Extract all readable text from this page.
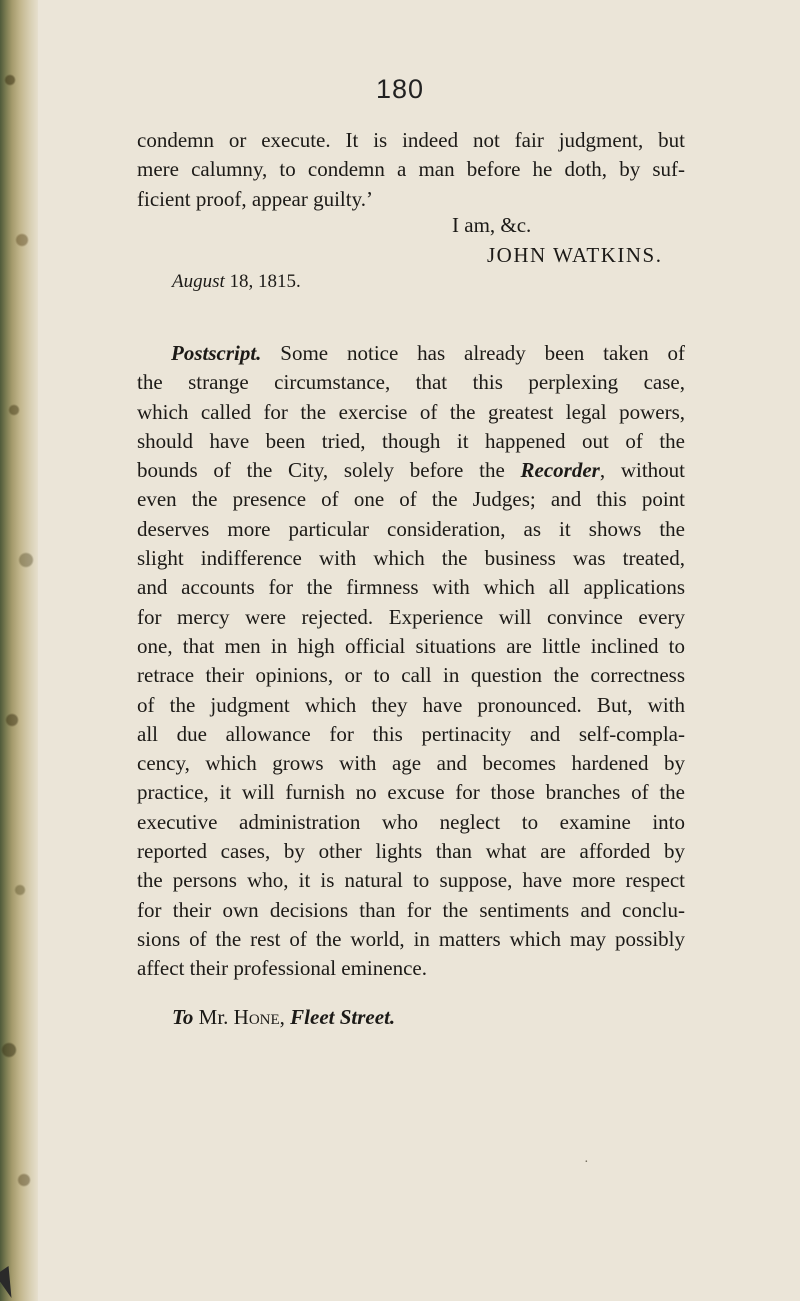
180
condemn or execute. It is indeed not fair judgment, but
mere calumny, to condemn a man before he doth, by suf-
ficient proof, appear guilty.’
I am, &c.
JOHN WATKINS.
August 18, 1815.
Postscript. Some notice has already been taken of
the strange circumstance, that this perplexing case,
which called for the exercise of the greatest legal powers,
should have been tried, though it happened out of the
bounds of the City, solely before the Recorder, without
even the presence of one of the Judges; and this point
deserves more particular consideration, as it shows the
slight indifference with which the business was treated,
and accounts for the firmness with which all applications
for mercy were rejected. Experience will convince every
one, that men in high official situations are little inclined to
retrace their opinions, or to call in question the correctness
of the judgment which they have pronounced. But, with
all due allowance for this pertinacity and self-compla-
cency, which grows with age and becomes hardened by
practice, it will furnish no excuse for those branches of the
executive administration who neglect to examine into
reported cases, by other lights than what are afforded by
the persons who, it is natural to suppose, have more respect
for their own decisions than for the sentiments and conclu-
sions of the rest of the world, in matters which may possibly
affect their professional eminence.
To Mr. Hone, Fleet Street.
·
